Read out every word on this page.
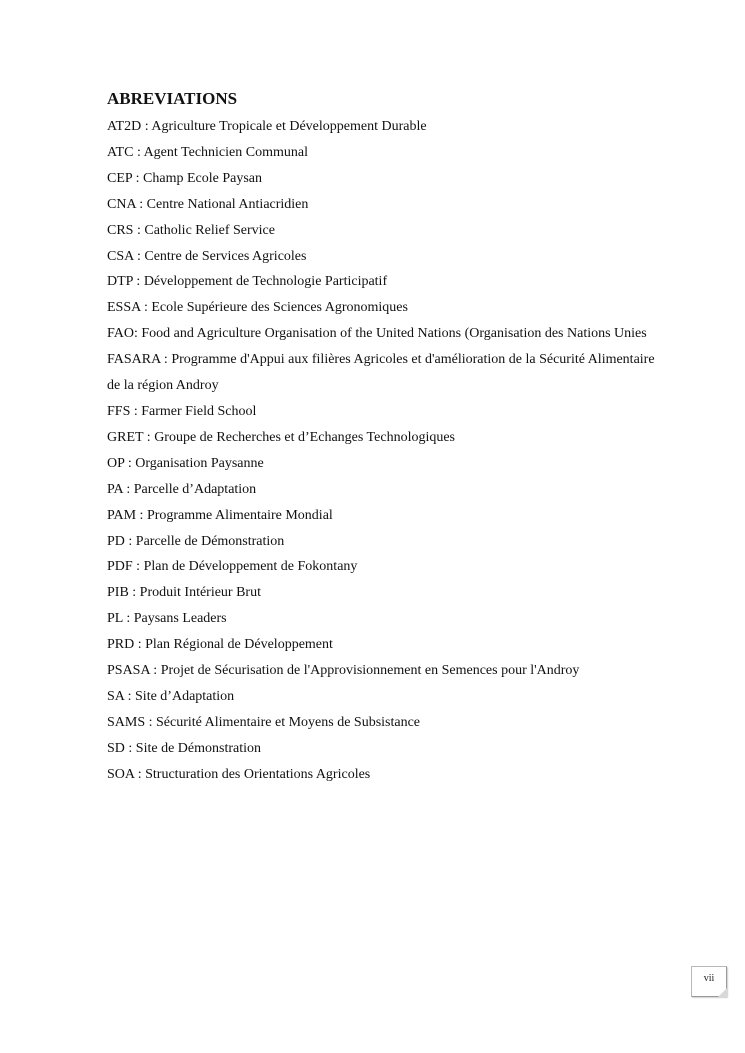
ABREVIATIONS
AT2D : Agriculture Tropicale et Développement Durable
ATC : Agent Technicien Communal
CEP : Champ Ecole Paysan
CNA : Centre National Antiacridien
CRS : Catholic Relief Service
CSA : Centre de Services Agricoles
DTP : Développement de Technologie Participatif
ESSA : Ecole Supérieure des Sciences Agronomiques
FAO: Food and Agriculture Organisation of the United Nations (Organisation des Nations Unies
FASARA : Programme d'Appui aux filières Agricoles et d'amélioration de la Sécurité Alimentaire
de la région Androy
FFS : Farmer Field School
GRET : Groupe de Recherches et d’Echanges Technologiques
OP : Organisation Paysanne
PA : Parcelle d’Adaptation
PAM : Programme Alimentaire Mondial
PD : Parcelle de Démonstration
PDF : Plan de Développement de Fokontany
PIB : Produit Intérieur Brut
PL : Paysans Leaders
PRD : Plan Régional de Développement
PSASA : Projet de Sécurisation de l'Approvisionnement en Semences pour l'Androy
SA : Site d’Adaptation
SAMS : Sécurité Alimentaire et Moyens de Subsistance
SD : Site de Démonstration
SOA : Structuration des Orientations Agricoles
vii
